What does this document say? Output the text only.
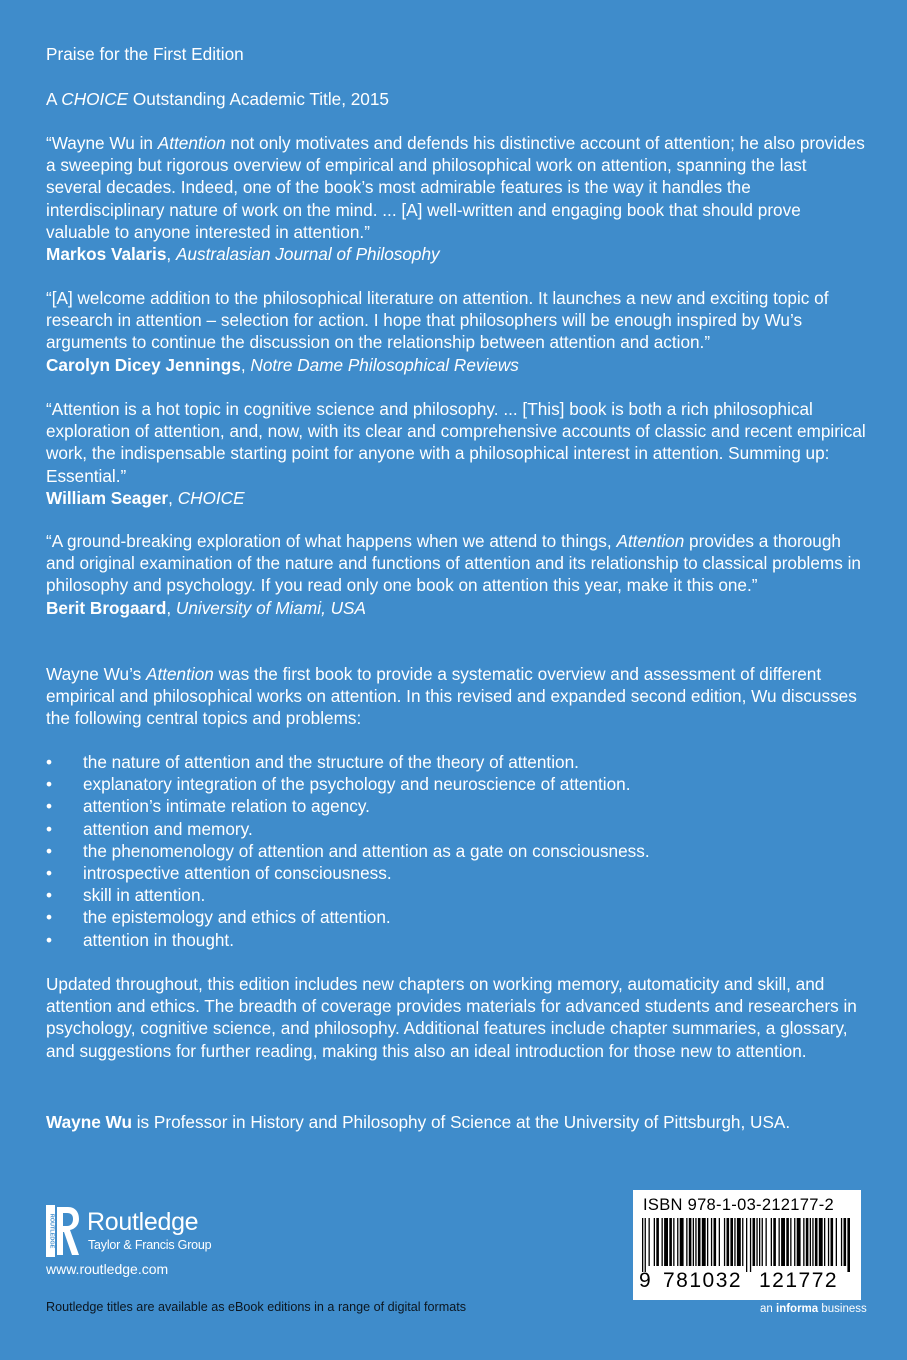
Praise for the First Edition

A CHOICE Outstanding Academic Title, 2015

“Wayne Wu in Attention not only motivates and defends his distinctive account of attention; he also provides a sweeping but rigorous overview of empirical and philosophical work on attention, spanning the last several decades. Indeed, one of the book’s most admirable features is the way it handles the interdisciplinary nature of work on the mind. ... [A] well-written and engaging book that should prove valuable to anyone interested in attention.”

Markos Valaris, Australasian Journal of Philosophy

“[A] welcome addition to the philosophical literature on attention. It launches a new and exciting topic of research in attention – selection for action. I hope that philosophers will be enough inspired by Wu’s arguments to continue the discussion on the relationship between attention and action.”

Carolyn Dicey Jennings, Notre Dame Philosophical Reviews

“Attention is a hot topic in cognitive science and philosophy. ... [This] book is both a rich philosophical exploration of attention, and, now, with its clear and comprehensive accounts of classic and recent empirical work, the indispensable starting point for anyone with a philosophical interest in attention. Summing up: Essential.”

William Seager, CHOICE

“A ground-breaking exploration of what happens when we attend to things, Attention provides a thorough and original examination of the nature and functions of attention and its relationship to classical problems in philosophy and psychology. If you read only one book on attention this year, make it this one.”

Berit Brogaard, University of Miami, USA

Wayne Wu’s Attention was the first book to provide a systematic overview and assessment of different empirical and philosophical works on attention. In this revised and expanded second edition, Wu discusses the following central topics and problems:

• the nature of attention and the structure of the theory of attention.
• explanatory integration of the psychology and neuroscience of attention.
• attention’s intimate relation to agency.
• attention and memory.
• the phenomenology of attention and attention as a gate on consciousness.
• introspective attention of consciousness.
• skill in attention.
• the epistemology and ethics of attention.
• attention in thought.

Updated throughout, this edition includes new chapters on working memory, automaticity and skill, and attention and ethics. The breadth of coverage provides materials for advanced students and researchers in psychology, cognitive science, and philosophy. Additional features include chapter summaries, a glossary, and suggestions for further reading, making this also an ideal introduction for those new to attention.

Wayne Wu is Professor in History and Philosophy of Science at the University of Pittsburgh, USA.

ROUTLEDGE Routledge
Taylor & Francis Group
www.routledge.com
Routledge titles are available as eBook editions in a range of digital formats
ISBN 978-1-03-212177-2
9 781032 121772
an informa business
